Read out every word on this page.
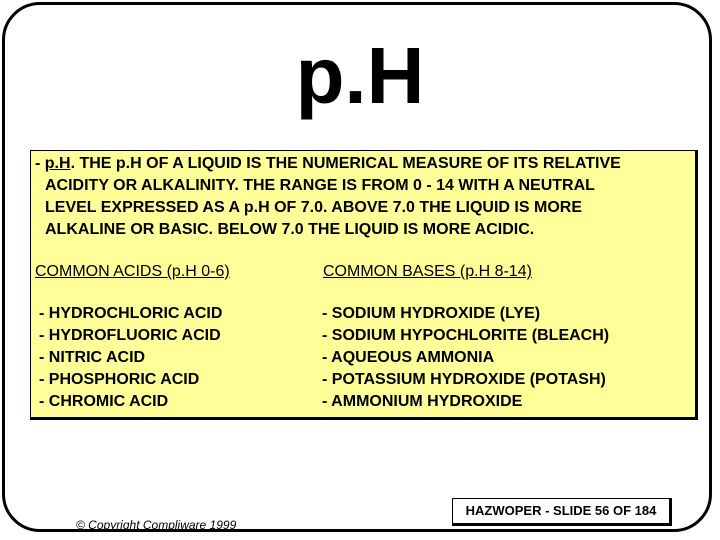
p.H
- p.H. THE p.H OF A LIQUID IS THE NUMERICAL MEASURE OF ITS RELATIVE
ACIDITY OR ALKALINITY. THE RANGE IS FROM 0 - 14 WITH A NEUTRAL
LEVEL EXPRESSED AS A p.H OF 7.0. ABOVE 7.0 THE LIQUID IS MORE
ALKALINE OR BASIC. BELOW 7.0 THE LIQUID IS MORE ACIDIC.
COMMON ACIDS (p.H 0-6)
- HYDROCHLORIC ACID
- HYDROFLUORIC ACID
- NITRIC ACID
- PHOSPHORIC ACID
- CHROMIC ACID
COMMON BASES (p.H 8-14)
- SODIUM HYDROXIDE (LYE)
- SODIUM HYPOCHLORITE (BLEACH)
- AQUEOUS AMMONIA
- POTASSIUM HYDROXIDE (POTASH)
- AMMONIUM HYDROXIDE
© Copyright Compliware 1999
HAZWOPER - SLIDE 56 OF 184
